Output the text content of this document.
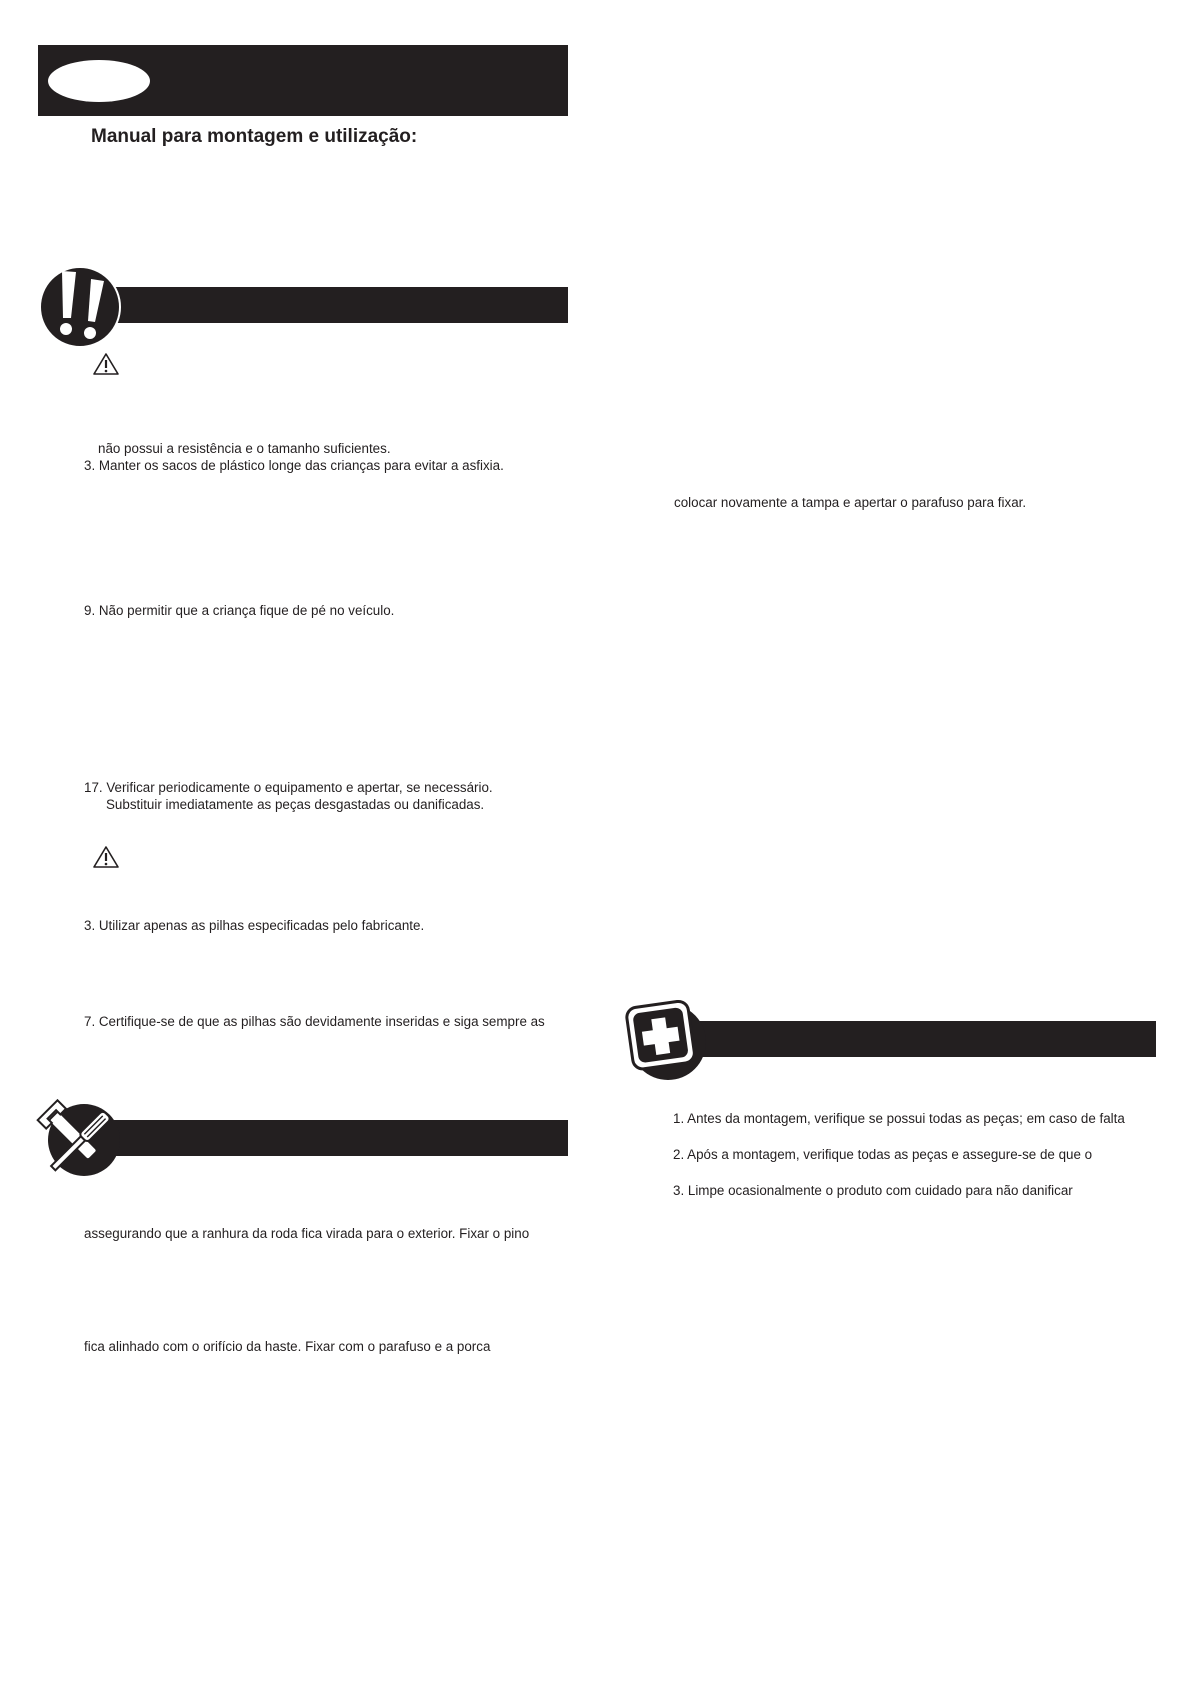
Manual para montagem e utilização:
não possui a resistência e o tamanho suficientes.
3. Manter os sacos de plástico longe das crianças para evitar a asfixia.
9. Não permitir que a criança fique de pé no veículo.
17. Verificar periodicamente o equipamento e apertar, se necessário.
Substituir imediatamente as peças desgastadas ou danificadas.
3. Utilizar apenas as pilhas especificadas pelo fabricante.
7. Certifique-se de que as pilhas são devidamente inseridas e siga sempre as
assegurando que a ranhura da roda fica virada para o exterior. Fixar o pino
fica alinhado com o orifício da haste. Fixar com o parafuso e a porca
colocar novamente a tampa e apertar o parafuso para fixar.
1. Antes da montagem, verifique se possui todas as peças; em caso de falta
2. Após a montagem, verifique todas as peças e assegure-se de que o
3. Limpe ocasionalmente o produto com cuidado para não danificar
